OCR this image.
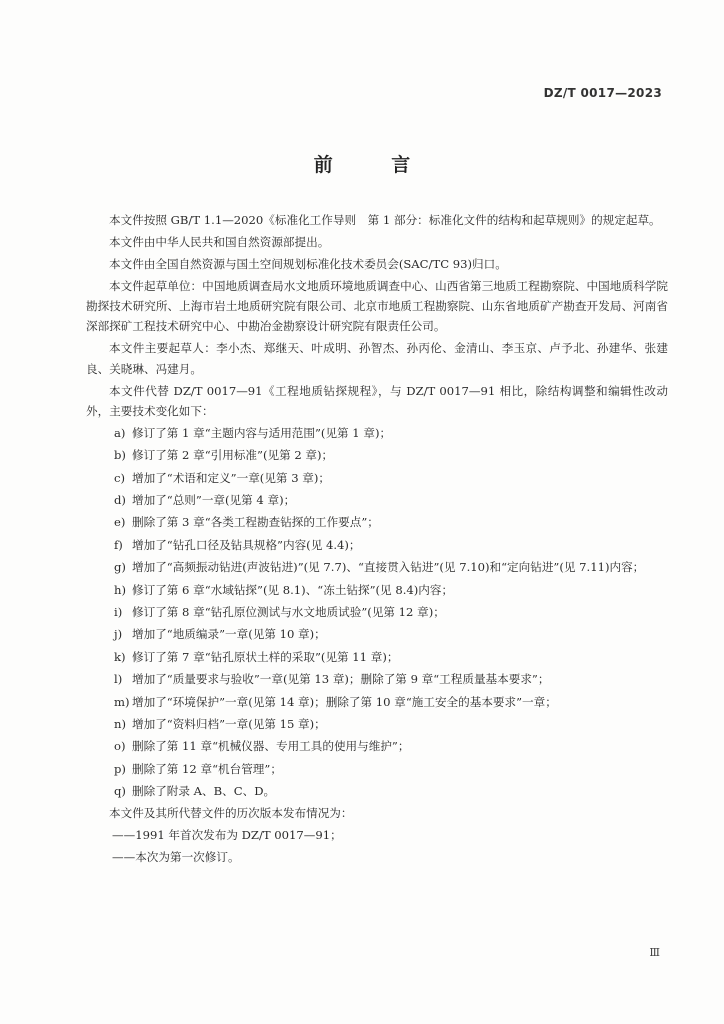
DZ/T 0017—2023
前 言

本文件按照 GB/T 1.1—2020《标准化工作导则　第 1 部分：标准化文件的结构和起草规则》的规定起草。

本文件由中华人民共和国自然资源部提出。

本文件由全国自然资源与国土空间规划标准化技术委员会(SAC/TC 93)归口。

本文件起草单位：中国地质调查局水文地质环境地质调查中心、山西省第三地质工程勘察院、中国地质科学院勘探技术研究所、上海市岩土地质研究院有限公司、北京市地质工程勘察院、山东省地质矿产勘查开发局、河南省深部探矿工程技术研究中心、中勘冶金勘察设计研究院有限责任公司。

本文件主要起草人：李小杰、郑继天、叶成明、孙智杰、孙丙伦、金清山、李玉京、卢予北、孙建华、张建良、关晓琳、冯建月。

本文件代替 DZ/T 0017—91《工程地质钻探规程》，与 DZ/T 0017—91 相比，除结构调整和编辑性改动外，主要技术变化如下：

a) 修订了第 1 章“主题内容与适用范围”(见第 1 章)；
b) 修订了第 2 章“引用标准”(见第 2 章)；
c) 增加了“术语和定义”一章(见第 3 章)；
d) 增加了“总则”一章(见第 4 章)；
e) 删除了第 3 章“各类工程勘查钻探的工作要点”；
f) 增加了“钻孔口径及钻具规格”内容(见 4.4)；
g) 增加了“高频振动钻进(声波钻进)”(见 7.7)、“直接贯入钻进”(见 7.10)和“定向钻进”(见 7.11)内容；
h) 修订了第 6 章“水域钻探”(见 8.1)、“冻土钻探”(见 8.4)内容；
i) 修订了第 8 章“钻孔原位测试与水文地质试验”(见第 12 章)；
j) 增加了“地质编录”一章(见第 10 章)；
k) 修订了第 7 章“钻孔原状土样的采取”(见第 11 章)；
l) 增加了“质量要求与验收”一章(见第 13 章)；删除了第 9 章“工程质量基本要求”；
m) 增加了“环境保护”一章(见第 14 章)；删除了第 10 章“施工安全的基本要求”一章；
n) 增加了“资料归档”一章(见第 15 章)；
o) 删除了第 11 章“机械仪器、专用工具的使用与维护”；
p) 删除了第 12 章“机台管理”；
q) 删除了附录 A、B、C、D。

本文件及其所代替文件的历次版本发布情况为：

——1991 年首次发布为 DZ/T 0017—91；
——本次为第一次修订。
Ⅲ
